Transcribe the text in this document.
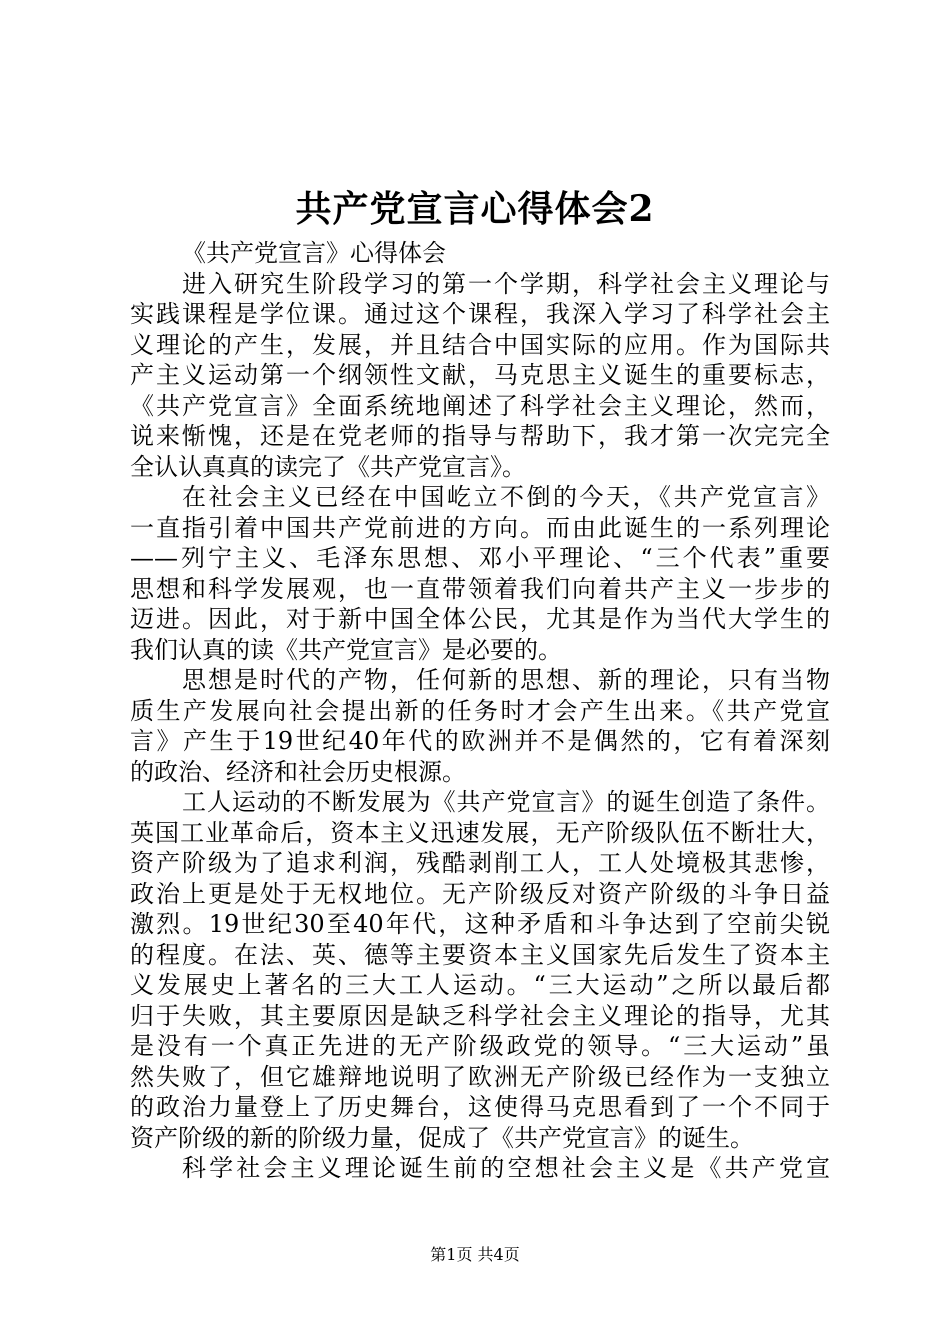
共产党宣言心得体会2
《共产党宣言》心得体会
进入研究生阶段学习的第一个学期，科学社会主义理论与
实践课程是学位课。通过这个课程，我深入学习了科学社会主
义理论的产生，发展，并且结合中国实际的应用。作为国际共
产主义运动第一个纲领性文献，马克思主义诞生的重要标志，
《共产党宣言》全面系统地阐述了科学社会主义理论，然而，
说来惭愧，还是在党老师的指导与帮助下，我才第一次完完全
全认认真真的读完了《共产党宣言》。
在社会主义已经在中国屹立不倒的今天，《共产党宣言》
一直指引着中国共产党前进的方向。而由此诞生的一系列理论
——列宁主义、毛泽东思想、邓小平理论、“三个代表”重要
思想和科学发展观，也一直带领着我们向着共产主义一步步的
迈进。因此，对于新中国全体公民，尤其是作为当代大学生的
我们认真的读《共产党宣言》是必要的。
思想是时代的产物，任何新的思想、新的理论，只有当物
质生产发展向社会提出新的任务时才会产生出来。《共产党宣
言》产生于19世纪40年代的欧洲并不是偶然的，它有着深刻
的政治、经济和社会历史根源。
工人运动的不断发展为《共产党宣言》的诞生创造了条件。
英国工业革命后，资本主义迅速发展，无产阶级队伍不断壮大，
资产阶级为了追求利润，残酷剥削工人，工人处境极其悲惨，
政治上更是处于无权地位。无产阶级反对资产阶级的斗争日益
激烈。19世纪30至40年代，这种矛盾和斗争达到了空前尖锐
的程度。在法、英、德等主要资本主义国家先后发生了资本主
义发展史上著名的三大工人运动。“三大运动”之所以最后都
归于失败，其主要原因是缺乏科学社会主义理论的指导，尤其
是没有一个真正先进的无产阶级政党的领导。“三大运动”虽
然失败了，但它雄辩地说明了欧洲无产阶级已经作为一支独立
的政治力量登上了历史舞台，这使得马克思看到了一个不同于
资产阶级的新的阶级力量，促成了《共产党宣言》的诞生。
科学社会主义理论诞生前的空想社会主义是《共产党宣
第1页 共4页
